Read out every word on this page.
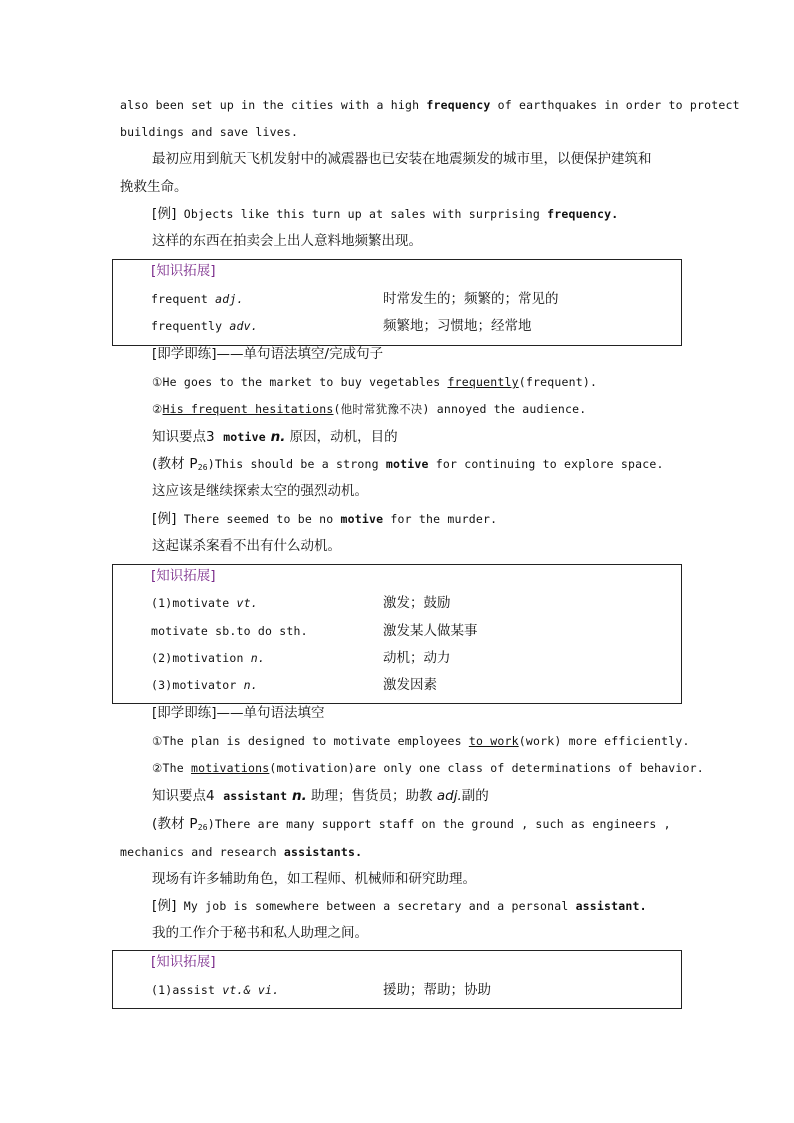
also been set up in the cities with a high frequency of earthquakes in order to protect
buildings and save lives.
最初应用到航天飞机发射中的减震器也已安装在地震频发的城市里，以便保护建筑和
挽救生命。
[例] Objects like this turn up at sales with surprising frequency.
这样的东西在拍卖会上出人意料地频繁出现。
[知识拓展]
frequent adj.	时常发生的；频繁的；常见的
frequently adv.	频繁地；习惯地；经常地
[即学即练]——单句语法填空/完成句子
①He goes to the market to buy vegetables frequently(frequent).
②His frequent hesitations(他时常犹豫不决) annoyed the audience.
知识要点3 motive n. 原因，动机，目的
(教材 $P_{26})This$ should be a strong motive for continuing to explore space.
这应该是继续探索太空的强烈动机。
[例] There seemed to be no motive for the murder.
这起谋杀案看不出有什么动机。
[知识拓展]
(1)motivate vt.	激发；鼓励
motivate sb.to do sth.	激发某人做某事
(2)motivation n.	动机；动力
(3)motivator n.	激发因素
[即学即练]——单句语法填空
①The plan is designed to motivate employees to work(work) more efficiently.
②The motivations(motivation)are only one class of determinations of behavior.
知识要点4 assistant n. 助理；售货员；助教 adj.副的
(教材 $P_{26})There$ are many support staff on the ground , such as engineers ,
mechanics and research assistants.
现场有许多辅助角色，如工程师、机械师和研究助理。
[例] My job is somewhere between a secretary and a personal assistant.
我的工作介于秘书和私人助理之间。
[知识拓展]
(1)assist vt.& vi.	援助；帮助；协助
